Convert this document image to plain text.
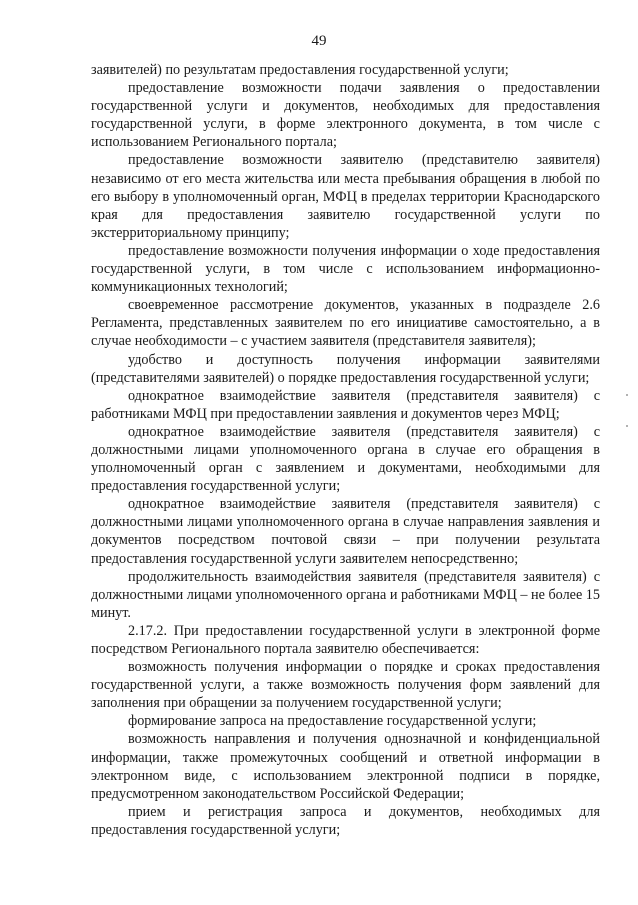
49

заявителей) по результатам предоставления государственной услуги;

предоставление возможности подачи заявления о предоставлении государственной услуги и документов, необходимых для предоставления государственной услуги, в форме электронного документа, в том числе с использованием Регионального портала;

предоставление возможности заявителю (представителю заявителя) независимо от его места жительства или места пребывания обращения в любой по его выбору в уполномоченный орган, МФЦ в пределах территории Краснодарского края для предоставления заявителю государственной услуги по экстерриториальному принципу;

предоставление возможности получения информации о ходе предоставления государственной услуги, в том числе с использованием информационно-коммуникационных технологий;

своевременное рассмотрение документов, указанных в подразделе 2.6 Регламента, представленных заявителем по его инициативе самостоятельно, а в случае необходимости – с участием заявителя (представителя заявителя);

удобство и доступность получения информации заявителями (представителями заявителей) о порядке предоставления государственной услуги;

однократное взаимодействие заявителя (представителя заявителя) с работниками МФЦ при предоставлении заявления и документов через МФЦ;

однократное взаимодействие заявителя (представителя заявителя) с должностными лицами уполномоченного органа в случае его обращения в уполномоченный орган с заявлением и документами, необходимыми для предоставления государственной услуги;

однократное взаимодействие заявителя (представителя заявителя) с должностными лицами уполномоченного органа в случае направления заявления и документов посредством почтовой связи – при получении результата предоставления государственной услуги заявителем непосредственно;

продолжительность взаимодействия заявителя (представителя заявителя) с должностными лицами уполномоченного органа и работниками МФЦ – не более 15 минут.

2.17.2. При предоставлении государственной услуги в электронной форме посредством Регионального портала заявителю обеспечивается:

возможность получения информации о порядке и сроках предоставления государственной услуги, а также возможность получения форм заявлений для заполнения при обращении за получением государственной услуги;

формирование запроса на предоставление государственной услуги;

возможность направления и получения однозначной и конфиденциальной информации, также промежуточных сообщений и ответной информации в электронном виде, с использованием электронной подписи в порядке, предусмотренном законодательством Российской Федерации;

прием и регистрация запроса и документов, необходимых для предоставления государственной услуги;
